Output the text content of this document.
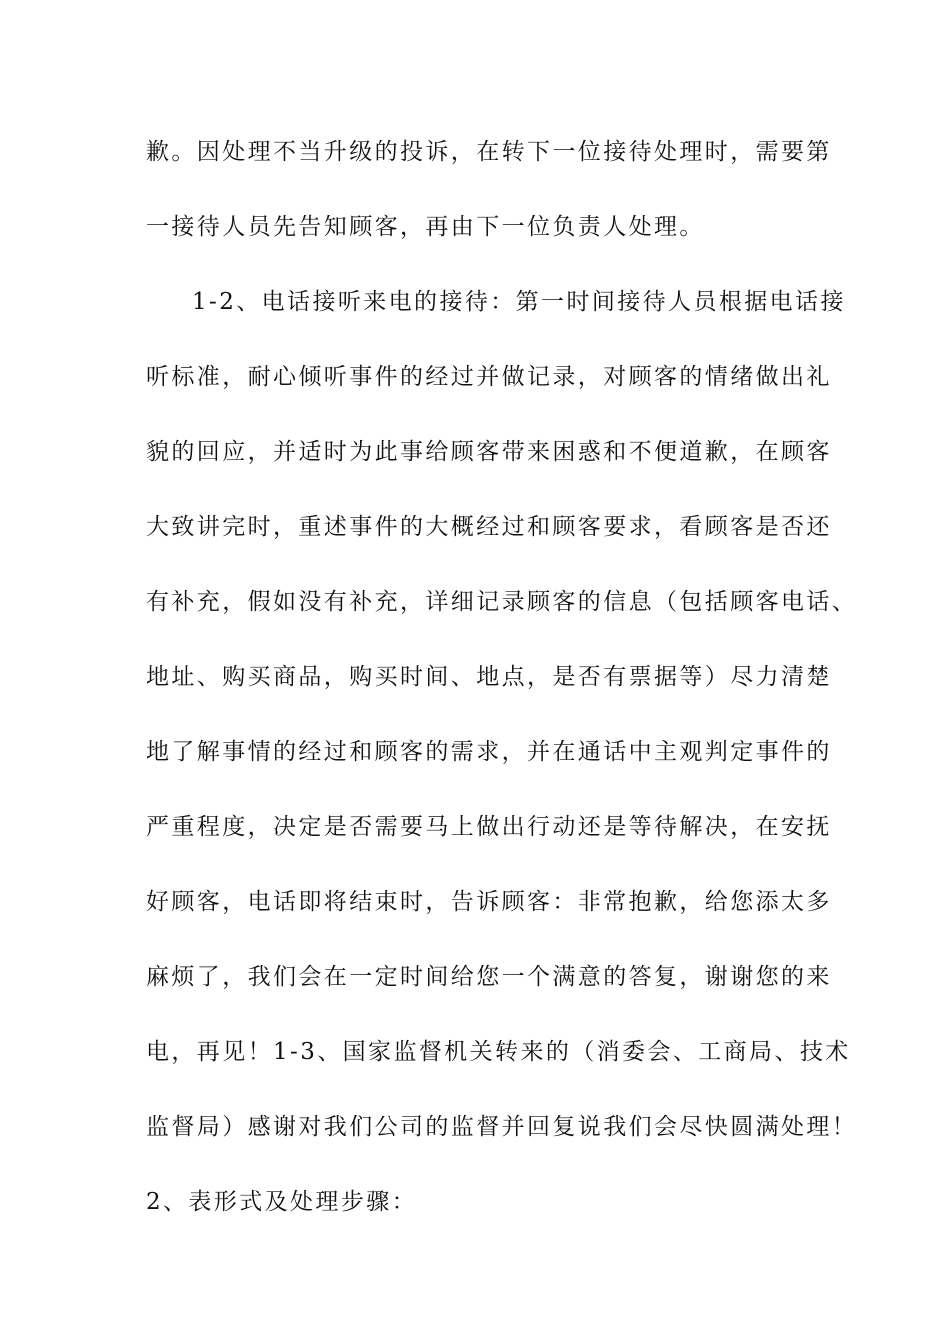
歉。因处理不当升级的投诉，在转下一位接待处理时，需要第
一接待人员先告知顾客，再由下一位负责人处理。
1-2、电话接听来电的接待：第一时间接待人员根据电话接
听标准，耐心倾听事件的经过并做记录，对顾客的情绪做出礼
貌的回应，并适时为此事给顾客带来困惑和不便道歉，在顾客
大致讲完时，重述事件的大概经过和顾客要求，看顾客是否还
有补充，假如没有补充，详细记录顾客的信息（包括顾客电话、
地址、购买商品，购买时间、地点，是否有票据等）尽力清楚
地了解事情的经过和顾客的需求，并在通话中主观判定事件的
严重程度，决定是否需要马上做出行动还是等待解决，在安抚
好顾客，电话即将结束时，告诉顾客：非常抱歉，给您添太多
麻烦了，我们会在一定时间给您一个满意的答复，谢谢您的来
电，再见！1-3、国家监督机关转来的（消委会、工商局、技术
监督局）感谢对我们公司的监督并回复说我们会尽快圆满处理！
2、表形式及处理步骤：
